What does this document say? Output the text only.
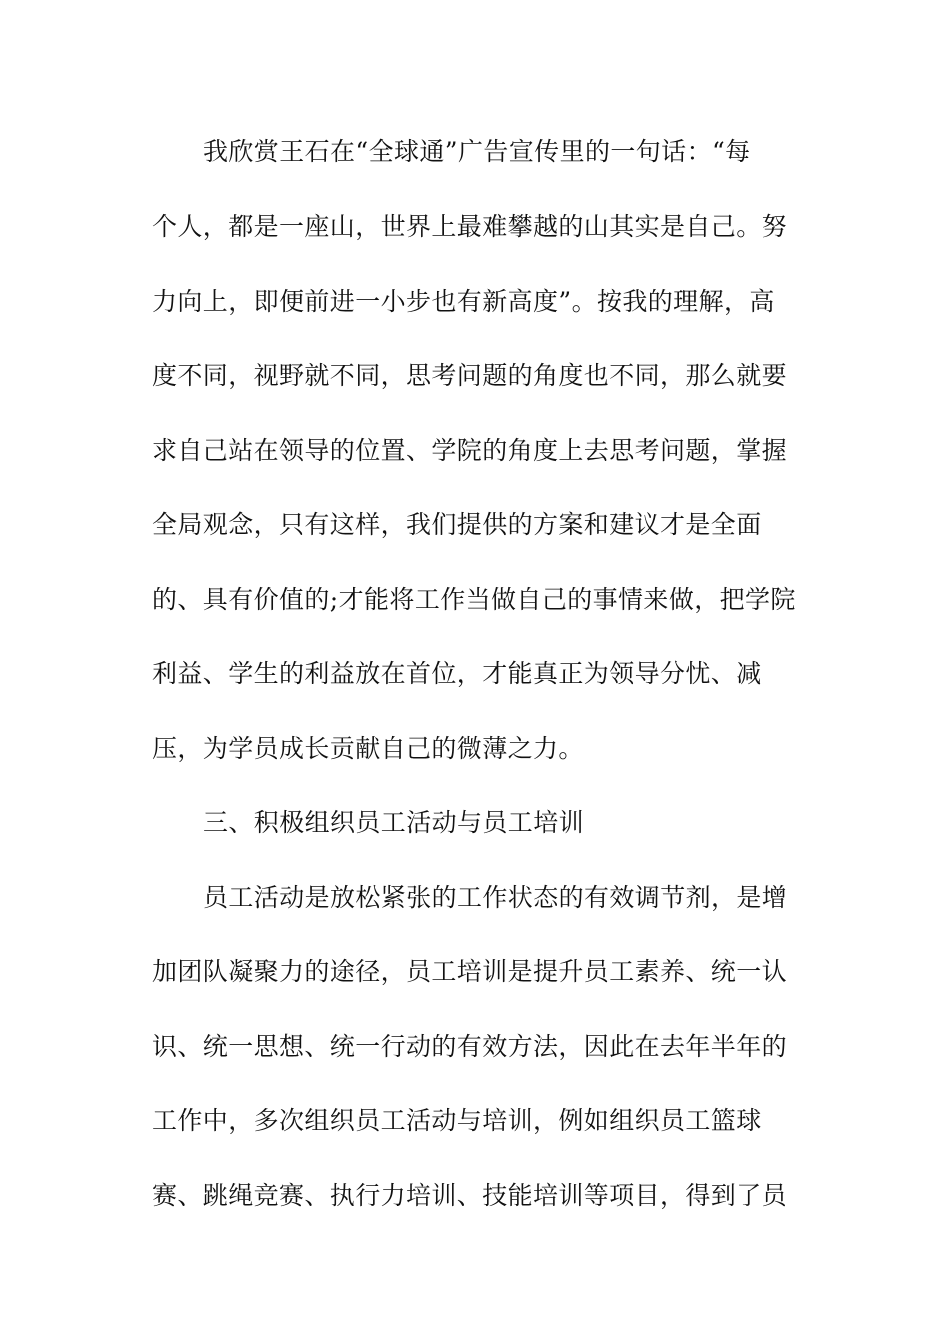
我欣赏王石在“全球通”广告宣传里的一句话：“每
个人，都是一座山，世界上最难攀越的山其实是自己。努
力向上，即便前进一小步也有新高度”。按我的理解，高
度不同，视野就不同，思考问题的角度也不同，那么就要
求自己站在领导的位置、学院的角度上去思考问题，掌握
全局观念，只有这样，我们提供的方案和建议才是全面
的、具有价值的;才能将工作当做自己的事情来做，把学院
利益、学生的利益放在首位，才能真正为领导分忧、减
压，为学员成长贡献自己的微薄之力。
三、积极组织员工活动与员工培训
员工活动是放松紧张的工作状态的有效调节剂，是增
加团队凝聚力的途径，员工培训是提升员工素养、统一认
识、统一思想、统一行动的有效方法，因此在去年半年的
工作中，多次组织员工活动与培训，例如组织员工篮球
赛、跳绳竞赛、执行力培训、技能培训等项目，得到了员
